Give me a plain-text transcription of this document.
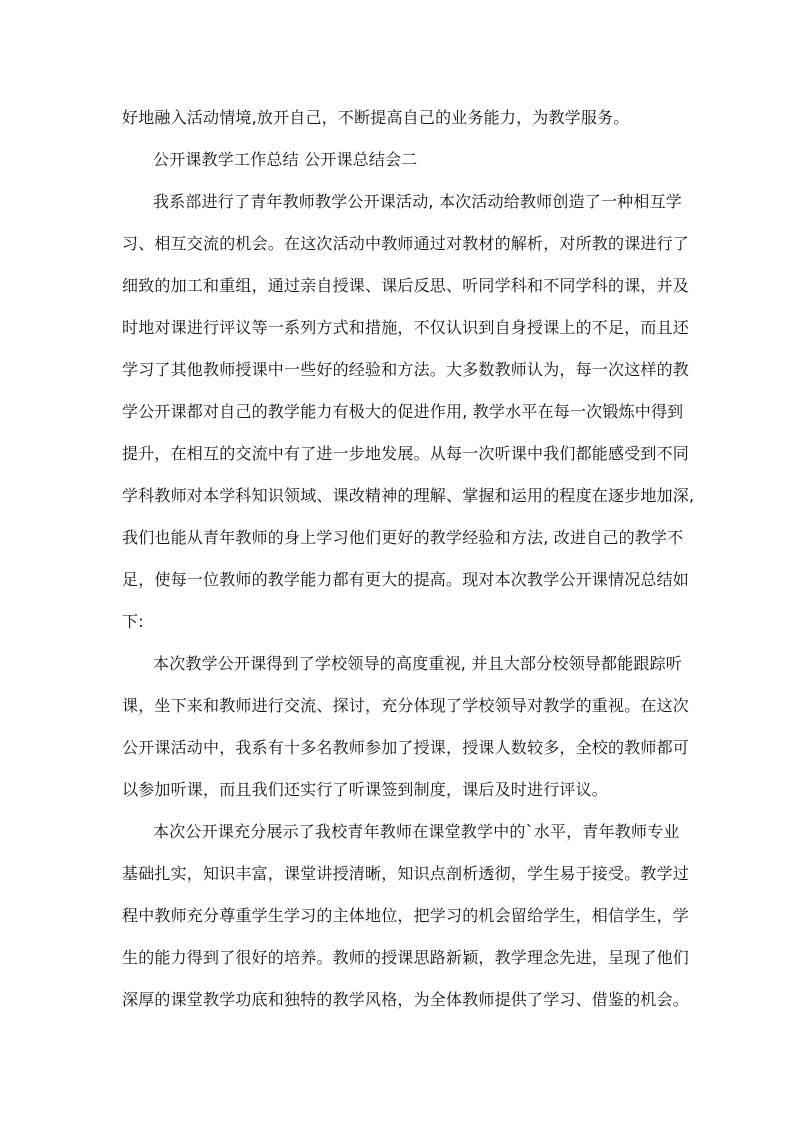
好地融入活动情境,放开自己，不断提高自己的业务能力，为教学服务。
公开课教学工作总结 公开课总结会二
我系部进行了青年教师教学公开课活动, 本次活动给教师创造了一种相互学
习、相互交流的机会。在这次活动中教师通过对教材的解析，对所教的课进行了
细致的加工和重组，通过亲自授课、课后反思、听同学科和不同学科的课，并及
时地对课进行评议等一系列方式和措施，不仅认识到自身授课上的不足，而且还
学习了其他教师授课中一些好的经验和方法。大多数教师认为，每一次这样的教
学公开课都对自己的教学能力有极大的促进作用, 教学水平在每一次锻炼中得到
提升，在相互的交流中有了进一步地发展。从每一次听课中我们都能感受到不同
学科教师对本学科知识领域、课改精神的理解、掌握和运用的程度在逐步地加深,
我们也能从青年教师的身上学习他们更好的教学经验和方法, 改进自己的教学不
足，使每一位教师的教学能力都有更大的提高。现对本次教学公开课情况总结如
下:
本次教学公开课得到了学校领导的高度重视, 并且大部分校领导都能跟踪听
课，坐下来和教师进行交流、探讨，充分体现了学校领导对教学的重视。在这次
公开课活动中，我系有十多名教师参加了授课，授课人数较多，全校的教师都可
以参加听课，而且我们还实行了听课签到制度，课后及时进行评议。
本次公开课充分展示了我校青年教师在课堂教学中的`水平，青年教师专业
基础扎实，知识丰富，课堂讲授清晰，知识点剖析透彻，学生易于接受。教学过
程中教师充分尊重学生学习的主体地位，把学习的机会留给学生，相信学生，学
生的能力得到了很好的培养。教师的授课思路新颖，教学理念先进，呈现了他们
深厚的课堂教学功底和独特的教学风格，为全体教师提供了学习、借鉴的机会。
